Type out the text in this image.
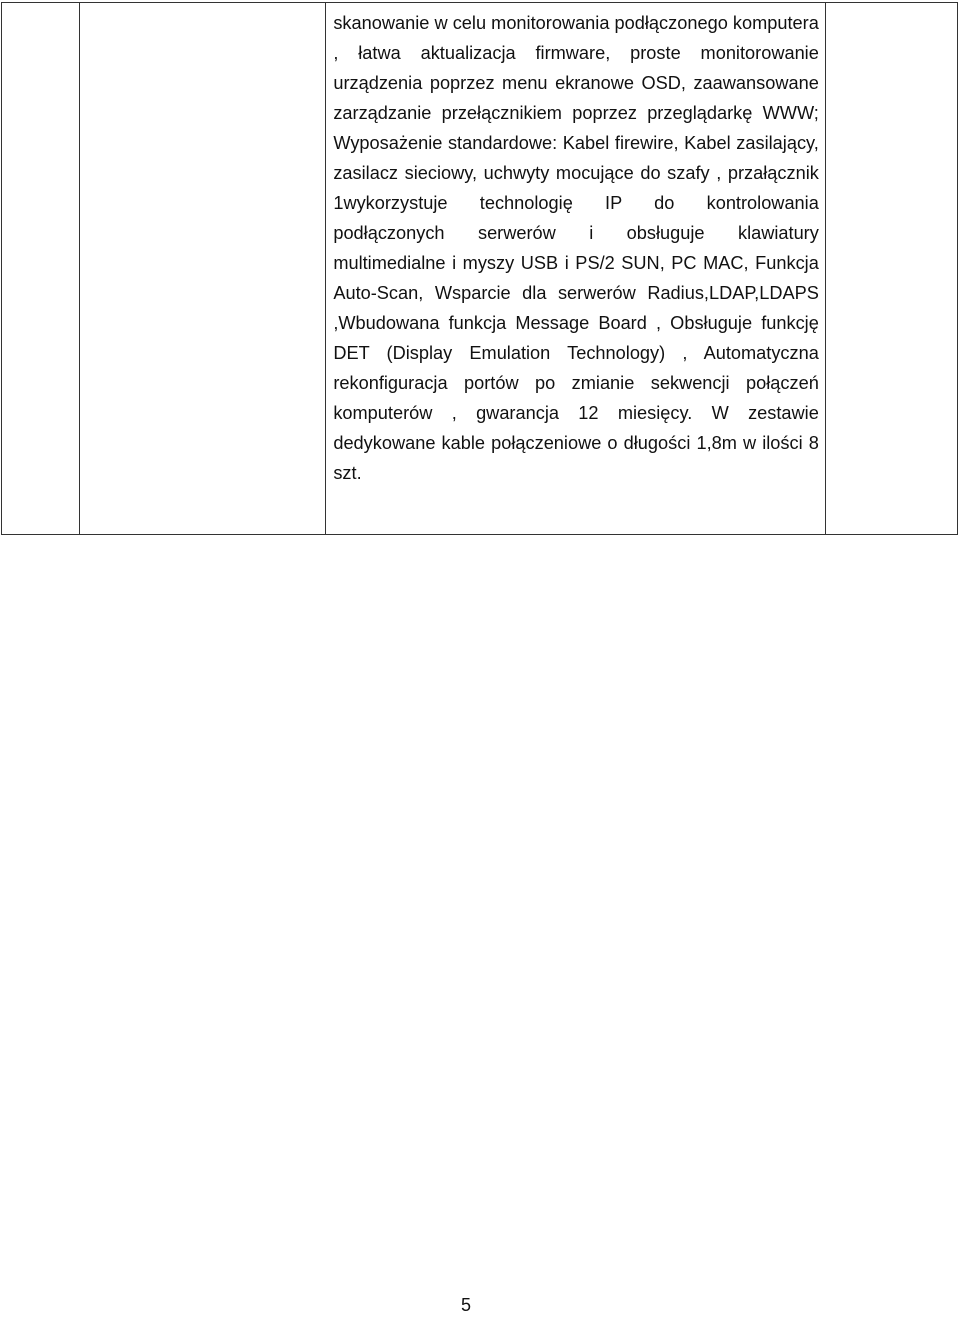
skanowanie w celu monitorowania podłączonego komputera , łatwa aktualizacja firmware, proste monitorowanie urządzenia poprzez menu ekranowe OSD, zaawansowane zarządzanie przełącznikiem poprzez przeglądarkę WWW; Wyposażenie standardowe: Kabel firewire, Kabel zasilający, zasilacz sieciowy, uchwyty mocujące do szafy , przałącznik 1wykorzystuje technologię IP do kontrolowania podłączonych serwerów i obsługuje klawiatury multimedialne i myszy USB i PS/2 SUN, PC MAC, Funkcja Auto-Scan, Wsparcie dla serwerów Radius,LDAP,LDAPS ,Wbudowana funkcja Message Board , Obsługuje funkcję DET (Display Emulation Technology) , Automatyczna rekonfiguracja portów po zmianie sekwencji połączeń komputerów , gwarancja 12 miesięcy. W zestawie dedykowane kable połączeniowe o długości 1,8m w ilości 8 szt.

5
